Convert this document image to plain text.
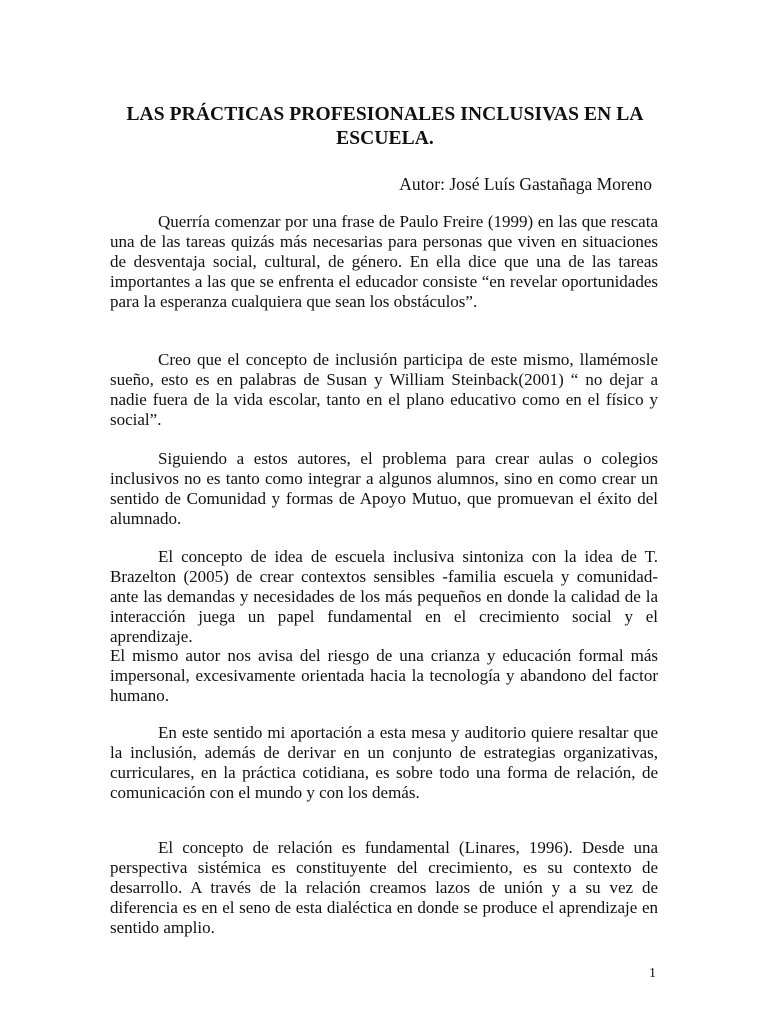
LAS PRÁCTICAS PROFESIONALES INCLUSIVAS EN LA ESCUELA.

Autor: José Luís Gastañaga Moreno

Querría comenzar por una frase de Paulo Freire (1999) en las que rescata una de las tareas quizás más necesarias para personas que viven en situaciones de desventaja social, cultural, de género. En ella dice que una de las tareas importantes a las que se enfrenta el educador consiste “en revelar oportunidades para la esperanza cualquiera que sean los obstáculos”.

Creo que el concepto de inclusión participa de este mismo, llamémosle sueño, esto es en palabras de Susan y William Steinback(2001) “ no dejar a nadie fuera de la vida escolar, tanto en el plano educativo como en el físico y social”.

Siguiendo a estos autores, el problema para crear aulas o colegios inclusivos no es tanto como integrar a algunos alumnos, sino en como crear un sentido de Comunidad y formas de Apoyo Mutuo, que promuevan el éxito del alumnado.

El concepto de idea de escuela inclusiva sintoniza con la idea de T. Brazelton (2005) de crear contextos sensibles -familia escuela y comunidad- ante las demandas y necesidades de los más pequeños en donde la calidad de la interacción juega un papel fundamental en el crecimiento social y el aprendizaje.

El mismo autor nos avisa del riesgo de una crianza y educación formal más impersonal, excesivamente orientada hacia la tecnología y abandono del factor humano.

En este sentido mi aportación a esta mesa y auditorio quiere resaltar que la inclusión, además de derivar en un conjunto de estrategias organizativas, curriculares, en la práctica cotidiana, es sobre todo una forma de relación, de comunicación con el mundo y con los demás.

El concepto de relación es fundamental (Linares, 1996). Desde una perspectiva sistémica es constituyente del crecimiento, es su contexto de desarrollo. A través de la relación creamos lazos de unión y a su vez de diferencia es en el seno de esta dialéctica en donde se produce el aprendizaje en sentido amplio.

1
